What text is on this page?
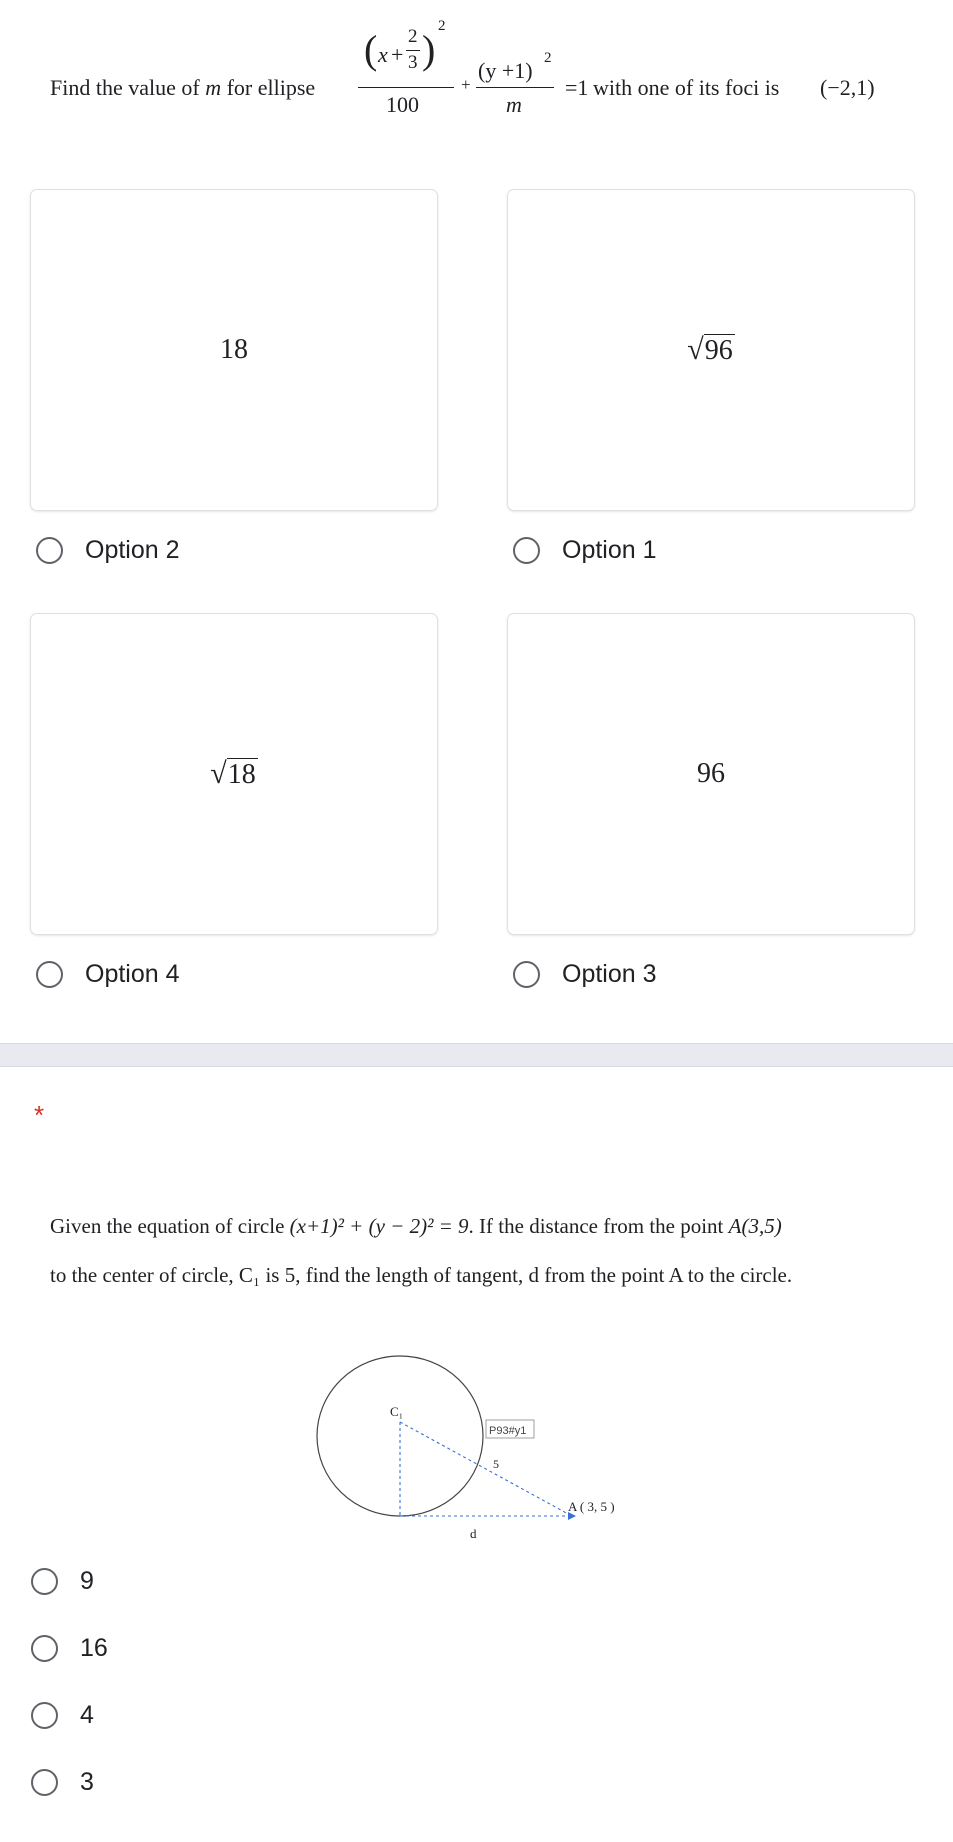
Find the value of m for ellipse
( x +
2
3 )
2
100
+
(y +1) 2
m
=1 with one of its foci is (−2,1)
18	√96
Option 2	Option 1
√18	96
Option 4	Option 3
*
Given the equation of circle (x+1)² + (y − 2)² = 9. If the distance from the point A(3,5)
to the center of circle, C₁ is 5, find the length of tangent, d from the point A to the circle.
C₁
P93#y1
5
A ( 3, 5 )
d
9
16
4
3
